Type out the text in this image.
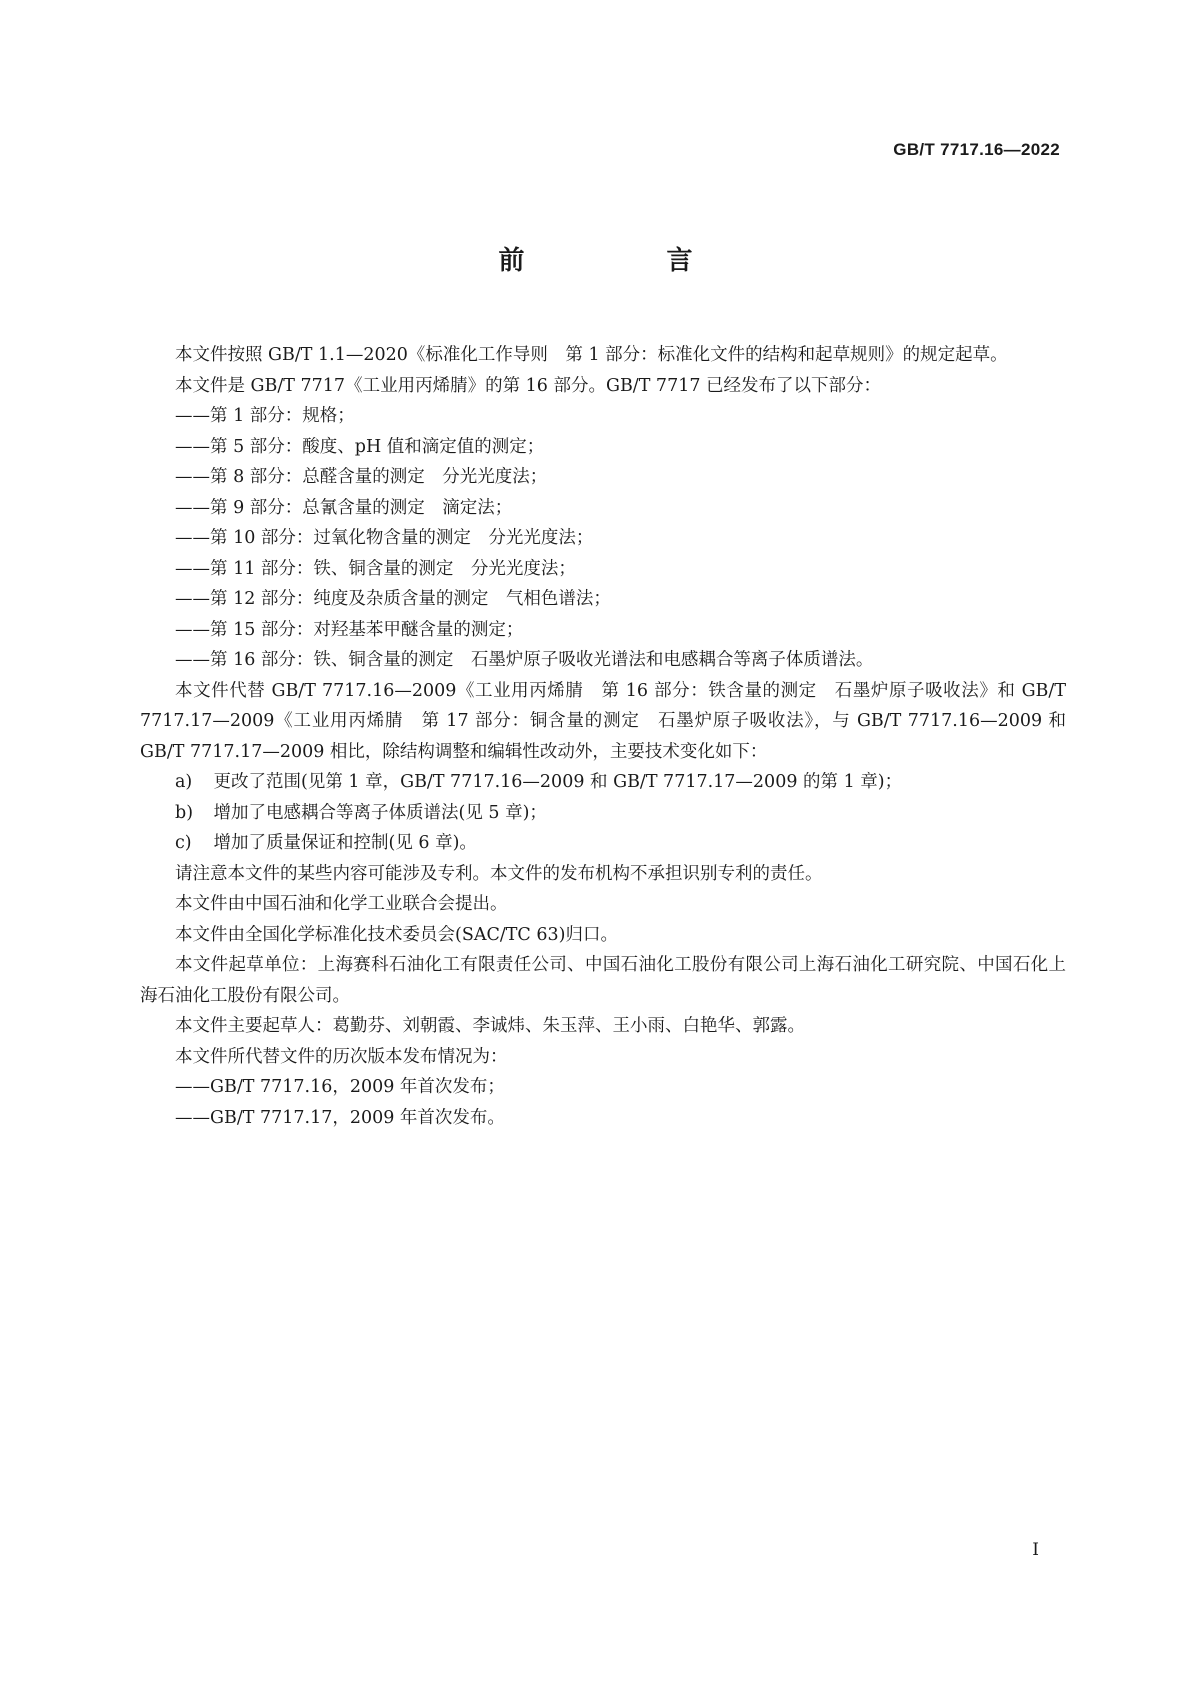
GB/T 7717.16—2022
前　言

本文件按照 GB/T 1.1—2020《标准化工作导则　第 1 部分：标准化文件的结构和起草规则》的规定起草。

本文件是 GB/T 7717《工业用丙烯腈》的第 16 部分。GB/T 7717 已经发布了以下部分：

——第 1 部分：规格；

——第 5 部分：酸度、pH 值和滴定值的测定；

——第 8 部分：总醛含量的测定　分光光度法；

——第 9 部分：总氰含量的测定　滴定法；

——第 10 部分：过氧化物含量的测定　分光光度法；

——第 11 部分：铁、铜含量的测定　分光光度法；

——第 12 部分：纯度及杂质含量的测定　气相色谱法；

——第 15 部分：对羟基苯甲醚含量的测定；

——第 16 部分：铁、铜含量的测定　石墨炉原子吸收光谱法和电感耦合等离子体质谱法。

本文件代替 GB/T 7717.16—2009《工业用丙烯腈　第 16 部分：铁含量的测定　石墨炉原子吸收法》和 GB/T 7717.17—2009《工业用丙烯腈　第 17 部分：铜含量的测定　石墨炉原子吸收法》，与 GB/T 7717.16—2009 和 GB/T 7717.17—2009 相比，除结构调整和编辑性改动外，主要技术变化如下：

a) 更改了范围(见第 1 章，GB/T 7717.16—2009 和 GB/T 7717.17—2009 的第 1 章)；

b) 增加了电感耦合等离子体质谱法(见 5 章)；

c) 增加了质量保证和控制(见 6 章)。

请注意本文件的某些内容可能涉及专利。本文件的发布机构不承担识别专利的责任。

本文件由中国石油和化学工业联合会提出。

本文件由全国化学标准化技术委员会(SAC/TC 63)归口。

本文件起草单位：上海赛科石油化工有限责任公司、中国石油化工股份有限公司上海石油化工研究院、中国石化上海石油化工股份有限公司。

本文件主要起草人：葛勤芬、刘朝霞、李诚炜、朱玉萍、王小雨、白艳华、郭露。

本文件所代替文件的历次版本发布情况为：

——GB/T 7717.16，2009 年首次发布；

——GB/T 7717.17，2009 年首次发布。

I
